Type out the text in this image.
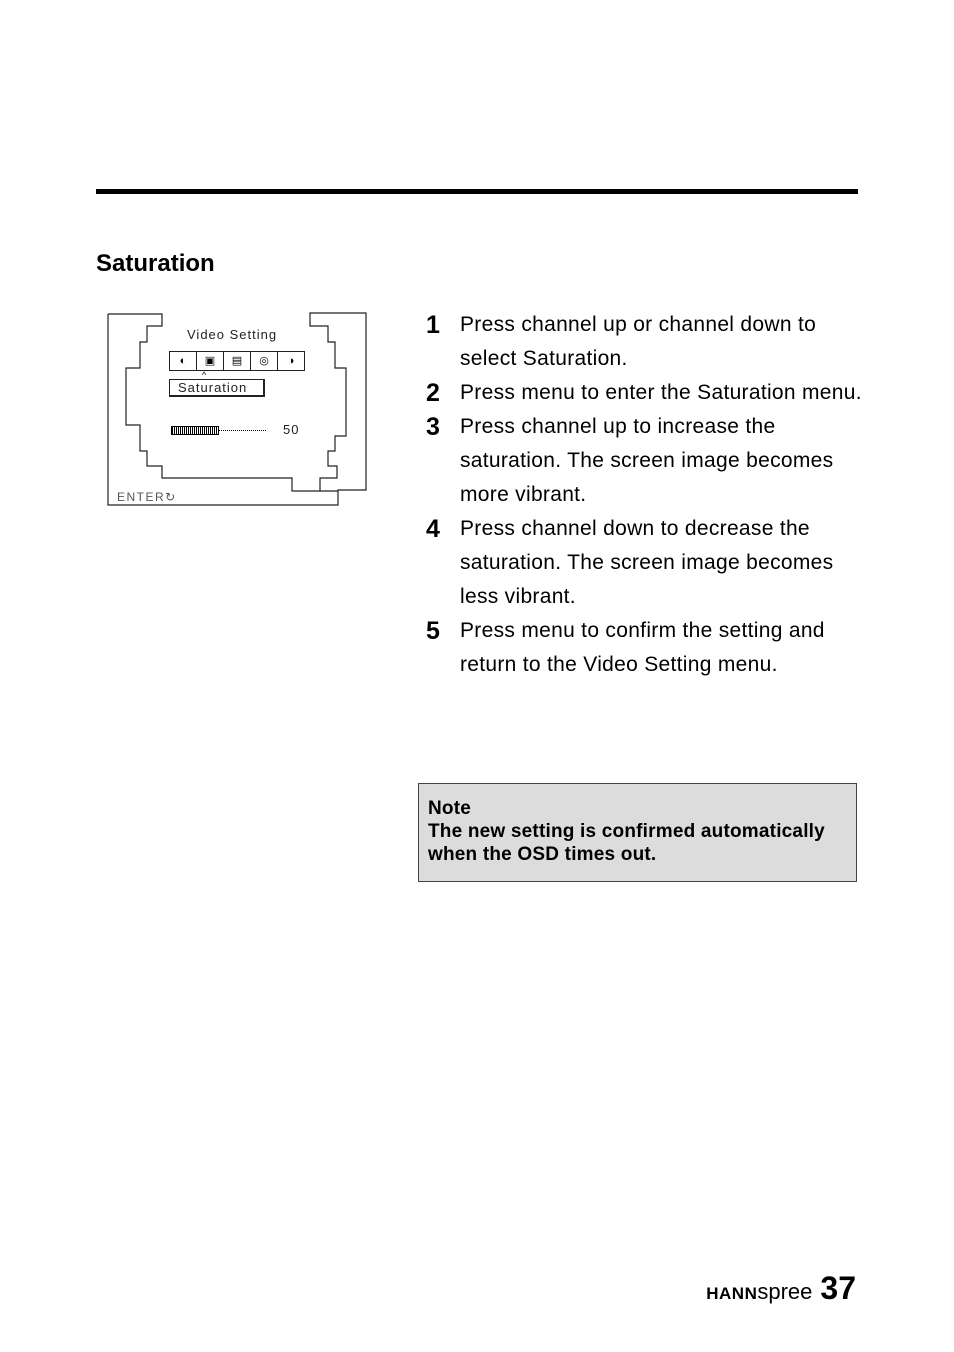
Saturation
Video Setting
◐	▣	▤	◎	◑
^
Saturation
50
ENTER↻
1 Press channel up or channel down to select Saturation.
2 Press menu to enter the Saturation menu.
3 Press channel up to increase the saturation. The screen image becomes more vibrant.
4 Press channel down to decrease the saturation. The screen image becomes less vibrant.
5 Press menu to confirm the setting and return to the Video Setting menu.
Note
The new setting is confirmed automatically when the OSD times out.
HANN spree 37
